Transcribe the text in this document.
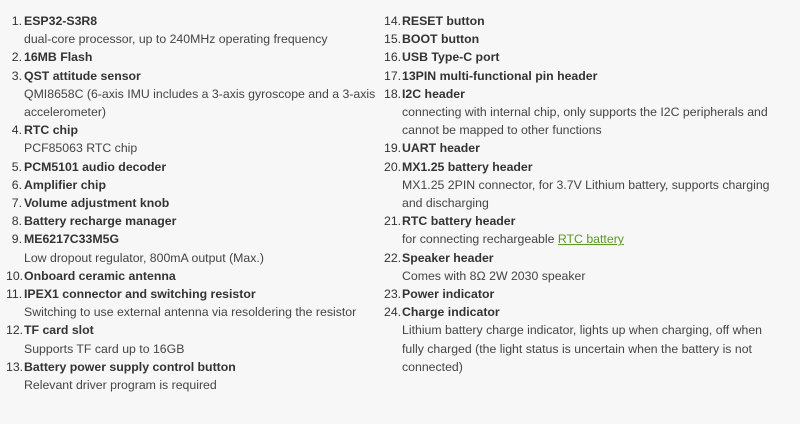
1. ESP32-S3R8
dual-core processor, up to 240MHz operating frequency
2. 16MB Flash
3. QST attitude sensor
QMI8658C (6-axis IMU includes a 3-axis gyroscope and a 3-axis accelerometer)
4. RTC chip
PCF85063 RTC chip
5. PCM5101 audio decoder
6. Amplifier chip
7. Volume adjustment knob
8. Battery recharge manager
9. ME6217C33M5G
Low dropout regulator, 800mA output (Max.)
10. Onboard ceramic antenna
11. IPEX1 connector and switching resistor
Switching to use external antenna via resoldering the resistor
12. TF card slot
Supports TF card up to 16GB
13. Battery power supply control button
Relevant driver program is required
14. RESET button
15. BOOT button
16. USB Type-C port
17. 13PIN multi-functional pin header
18. I2C header
connecting with internal chip, only supports the I2C peripherals and cannot be mapped to other functions
19. UART header
20. MX1.25 battery header
MX1.25 2PIN connector, for 3.7V Lithium battery, supports charging and discharging
21. RTC battery header
for connecting rechargeable RTC battery
22. Speaker header
Comes with 8Ω 2W 2030 speaker
23. Power indicator
24. Charge indicator
Lithium battery charge indicator, lights up when charging, off when fully charged (the light status is uncertain when the battery is not connected)
